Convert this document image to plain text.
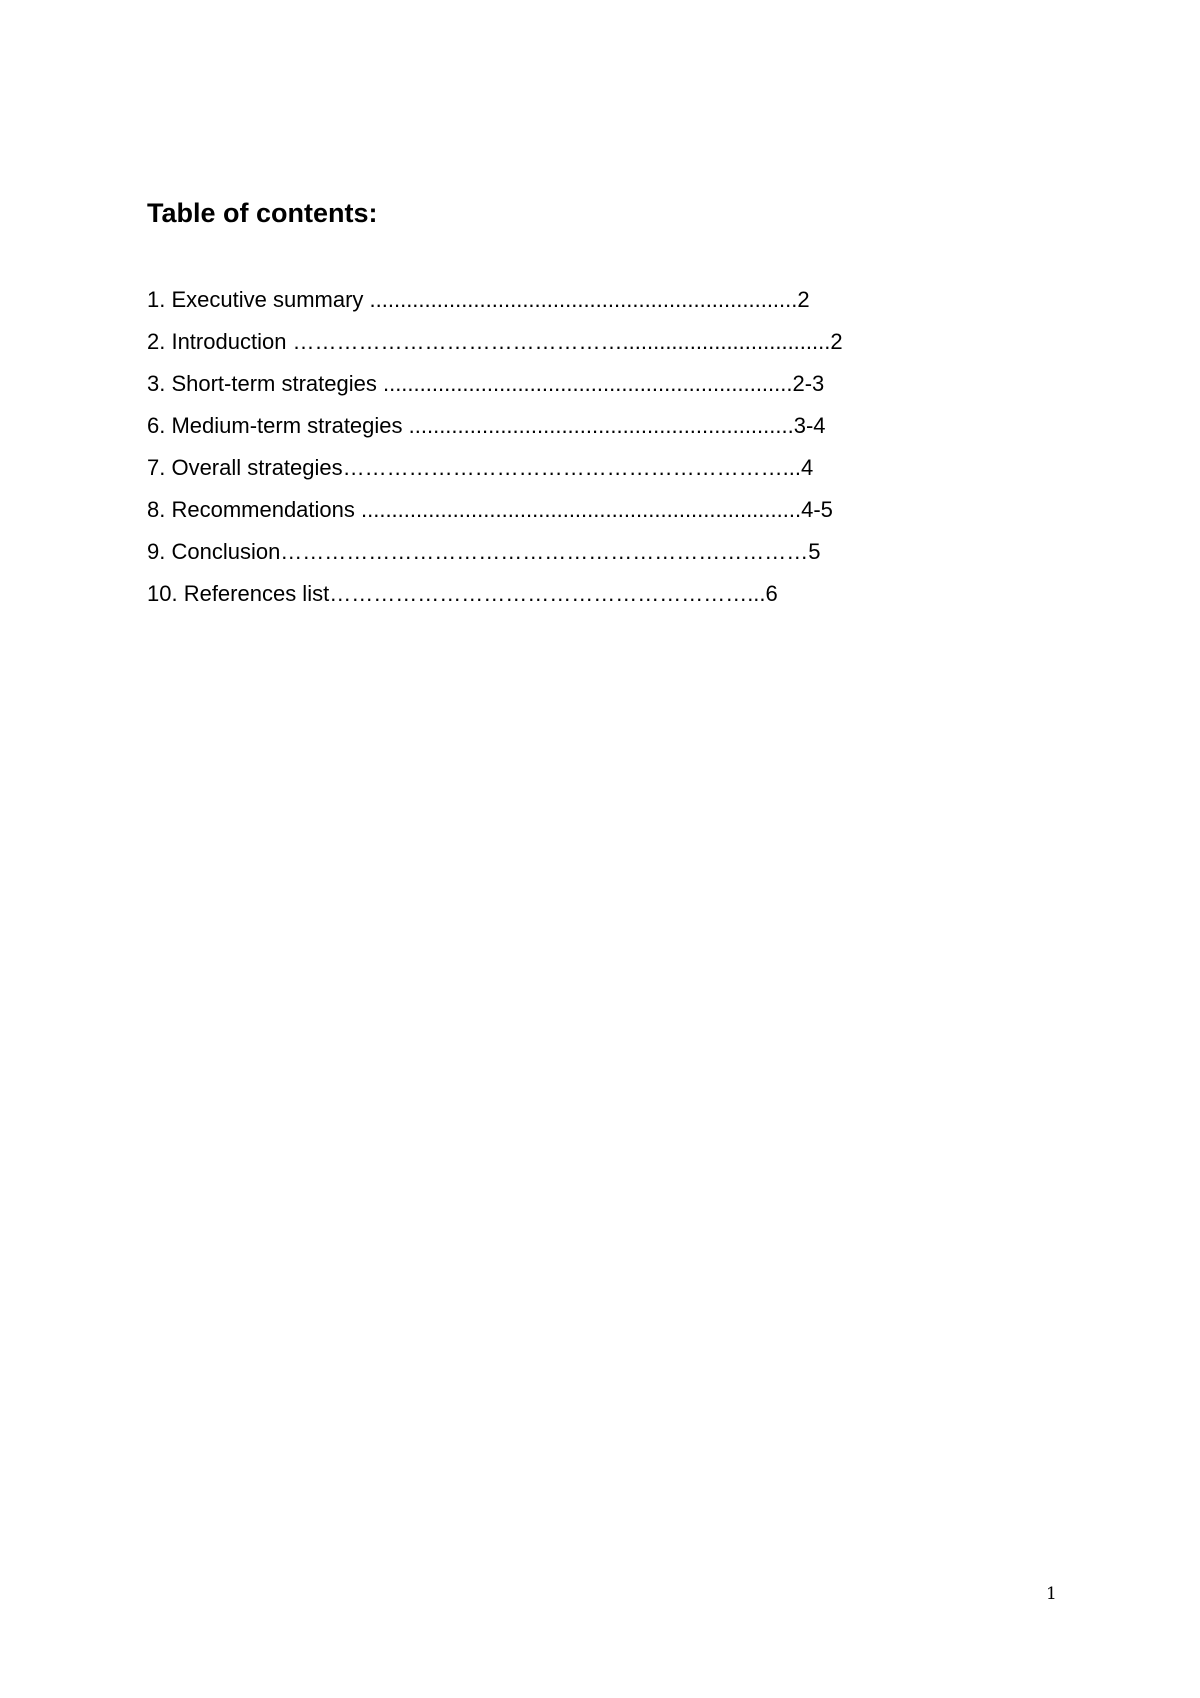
Table of contents:
1. Executive summary ......................................................................2
2. Introduction ………………………………………..................................2
3. Short-term strategies ...................................................................2-3
6. Medium-term strategies ...............................................................3-4
7. Overall strategies……………………………………………………...4
8. Recommendations ........................................................................4-5
9. Conclusion………………………………………………………………5
10. References list…………………………………………………...6
1
